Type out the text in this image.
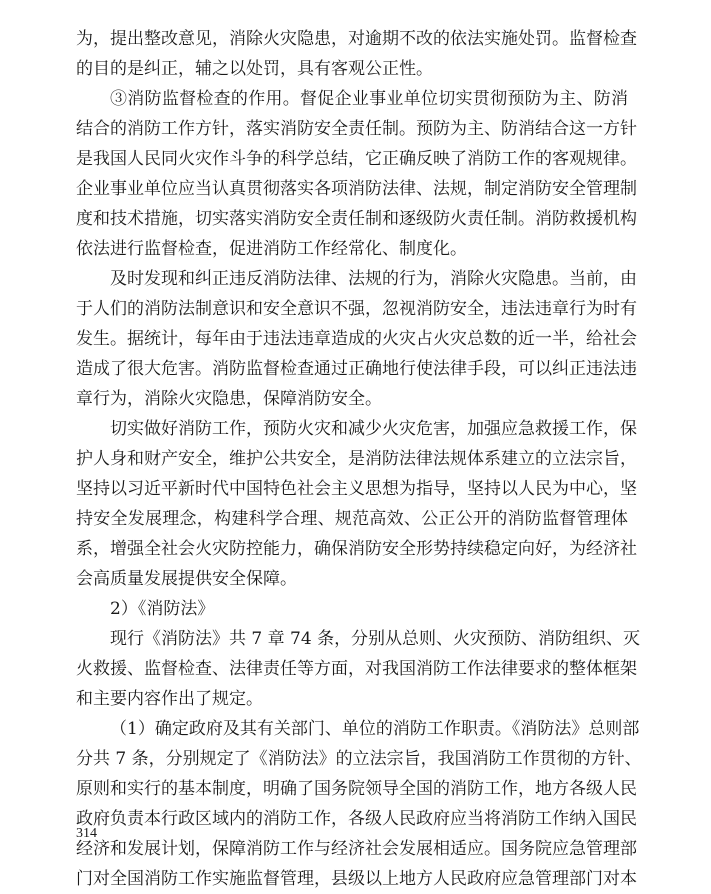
为，提出整改意见，消除火灾隐患，对逾期不改的依法实施处罚。监督检查
的目的是纠正，辅之以处罚，具有客观公正性。
③消防监督检查的作用。督促企业事业单位切实贯彻预防为主、防消
结合的消防工作方针，落实消防安全责任制。预防为主、防消结合这一方针
是我国人民同火灾作斗争的科学总结，它正确反映了消防工作的客观规律。
企业事业单位应当认真贯彻落实各项消防法律、法规，制定消防安全管理制
度和技术措施，切实落实消防安全责任制和逐级防火责任制。消防救援机构
依法进行监督检查，促进消防工作经常化、制度化。
及时发现和纠正违反消防法律、法规的行为，消除火灾隐患。当前，由
于人们的消防法制意识和安全意识不强，忽视消防安全，违法违章行为时有
发生。据统计，每年由于违法违章造成的火灾占火灾总数的近一半，给社会
造成了很大危害。消防监督检查通过正确地行使法律手段，可以纠正违法违
章行为，消除火灾隐患，保障消防安全。
切实做好消防工作，预防火灾和减少火灾危害，加强应急救援工作，保
护人身和财产安全，维护公共安全，是消防法律法规体系建立的立法宗旨，
坚持以习近平新时代中国特色社会主义思想为指导，坚持以人民为中心，坚
持安全发展理念，构建科学合理、规范高效、公正公开的消防监督管理体
系，增强全社会火灾防控能力，确保消防安全形势持续稳定向好，为经济社
会高质量发展提供安全保障。
2）《消防法》
现行《消防法》共 7 章 74 条，分别从总则、火灾预防、消防组织、灭
火救援、监督检查、法律责任等方面，对我国消防工作法律要求的整体框架
和主要内容作出了规定。
（1）确定政府及其有关部门、单位的消防工作职责。《消防法》总则部
分共 7 条，分别规定了《消防法》的立法宗旨，我国消防工作贯彻的方针、
原则和实行的基本制度，明确了国务院领导全国的消防工作，地方各级人民
政府负责本行政区域内的消防工作，各级人民政府应当将消防工作纳入国民
经济和发展计划，保障消防工作与经济社会发展相适应。国务院应急管理部
门对全国消防工作实施监督管理，县级以上地方人民政府应急管理部门对本
314
